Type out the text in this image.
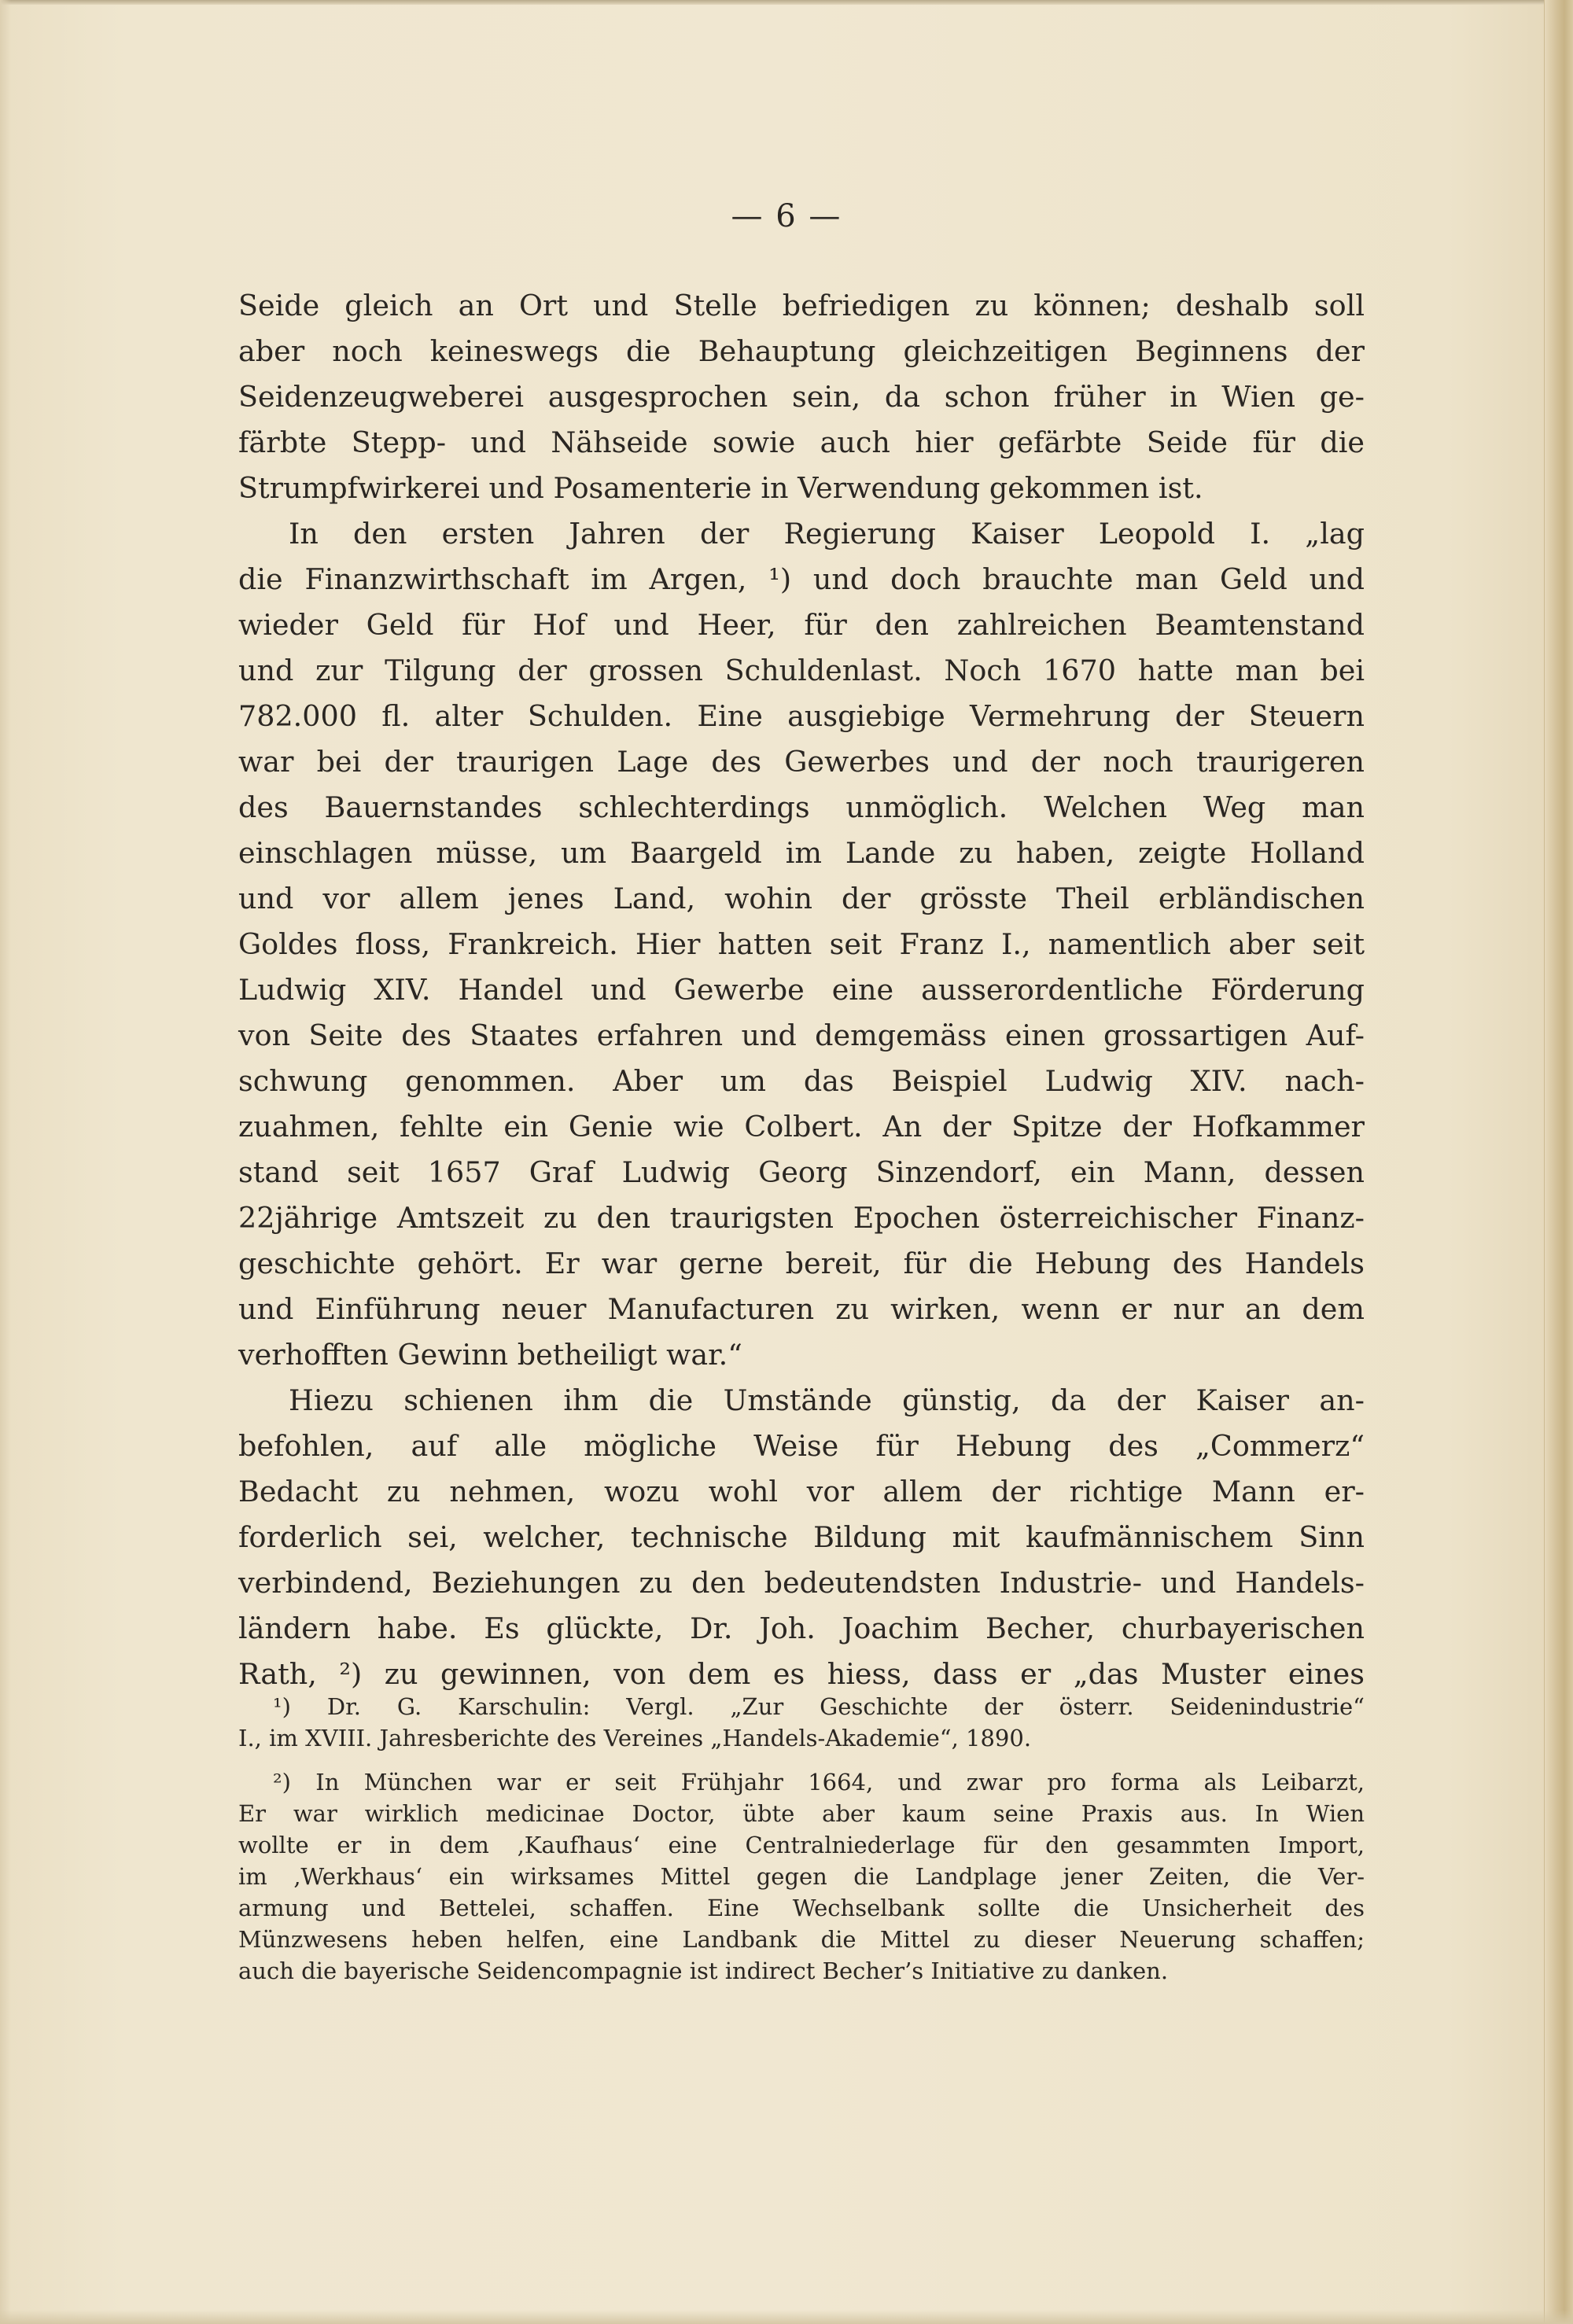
— 6 —
Seide gleich an Ort und Stelle befriedigen zu können; deshalb soll
aber noch keineswegs die Behauptung gleichzeitigen Beginnens der
Seidenzeugweberei ausgesprochen sein, da schon früher in Wien ge-
färbte Stepp- und Nähseide sowie auch hier gefärbte Seide für die
Strumpfwirkerei und Posamenterie in Verwendung gekommen ist.
In den ersten Jahren der Regierung Kaiser Leopold I. „lag
die Finanzwirthschaft im Argen, ¹) und doch brauchte man Geld und
wieder Geld für Hof und Heer, für den zahlreichen Beamtenstand
und zur Tilgung der grossen Schuldenlast. Noch 1670 hatte man bei
782.000 fl. alter Schulden. Eine ausgiebige Vermehrung der Steuern
war bei der traurigen Lage des Gewerbes und der noch traurigeren
des Bauernstandes schlechterdings unmöglich. Welchen Weg man
einschlagen müsse, um Baargeld im Lande zu haben, zeigte Holland
und vor allem jenes Land, wohin der grösste Theil erbländischen
Goldes floss, Frankreich. Hier hatten seit Franz I., namentlich aber seit
Ludwig XIV. Handel und Gewerbe eine ausserordentliche Förderung
von Seite des Staates erfahren und demgemäss einen grossartigen Auf-
schwung genommen. Aber um das Beispiel Ludwig XIV. nach-
zuahmen, fehlte ein Genie wie Colbert. An der Spitze der Hofkammer
stand seit 1657 Graf Ludwig Georg Sinzendorf, ein Mann, dessen
22jährige Amtszeit zu den traurigsten Epochen österreichischer Finanz-
geschichte gehört. Er war gerne bereit, für die Hebung des Handels
und Einführung neuer Manufacturen zu wirken, wenn er nur an dem
verhofften Gewinn betheiligt war.“
Hiezu schienen ihm die Umstände günstig, da der Kaiser an-
befohlen, auf alle mögliche Weise für Hebung des „Commerz“
Bedacht zu nehmen, wozu wohl vor allem der richtige Mann er-
forderlich sei, welcher, technische Bildung mit kaufmännischem Sinn
verbindend, Beziehungen zu den bedeutendsten Industrie- und Handels-
ländern habe. Es glückte, Dr. Joh. Joachim Becher, churbayerischen
Rath, ²) zu gewinnen, von dem es hiess, dass er „das Muster eines
¹) Dr. G. Karschulin: Vergl. „Zur Geschichte der österr. Seidenindustrie“
I., im XVIII. Jahresberichte des Vereines „Handels-Akademie“, 1890.
²) In München war er seit Frühjahr 1664, und zwar pro forma als Leibarzt,
Er war wirklich medicinae Doctor, übte aber kaum seine Praxis aus. In Wien
wollte er in dem ‚Kaufhaus‘ eine Centralniederlage für den gesammten Import,
im ‚Werkhaus‘ ein wirksames Mittel gegen die Landplage jener Zeiten, die Ver-
armung und Bettelei, schaffen. Eine Wechselbank sollte die Unsicherheit des
Münzwesens heben helfen, eine Landbank die Mittel zu dieser Neuerung schaffen;
auch die bayerische Seidencompagnie ist indirect Becher’s Initiative zu danken.
